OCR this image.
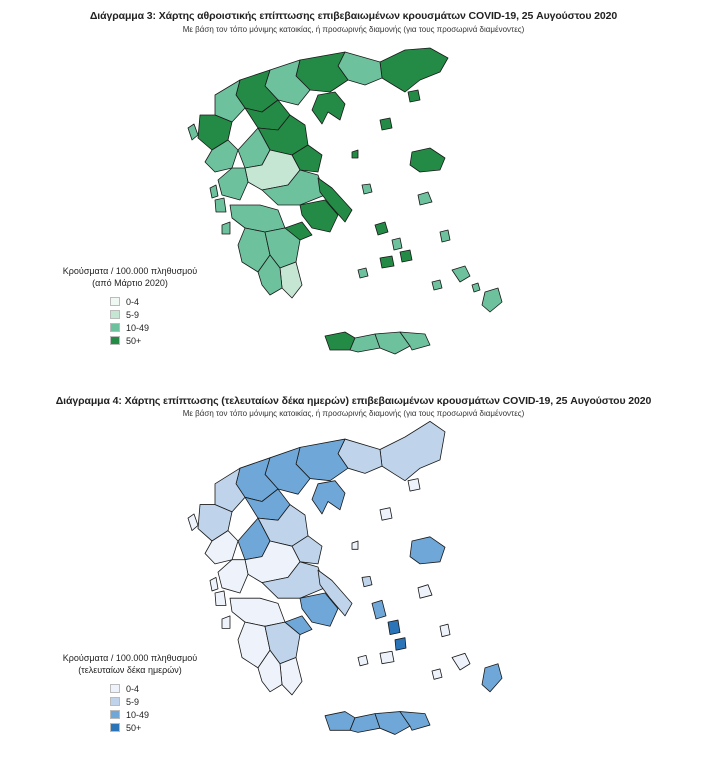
Διάγραμμα 3: Χάρτης αθροιστικής επίπτωσης επιβεβαιωμένων κρουσμάτων COVID-19, 25 Αυγούστου 2020
Με βάση τον τόπο μόνιμης κατοικίας, ή προσωρινής διαμονής (για τους προσωρινά διαμένοντες)
Κρούσματα / 100.000 πληθυσμού
(από Μάρτιο 2020)
0-4
5-9
10-49
50+
Διάγραμμα 4: Χάρτης επίπτωσης (τελευταίων δέκα ημερών) επιβεβαιωμένων κρουσμάτων COVID-19, 25 Αυγούστου 2020
Με βάση τον τόπο μόνιμης κατοικίας, ή προσωρινής διαμονής (για τους προσωρινά διαμένοντες)
Κρούσματα / 100.000 πληθυσμού
(τελευταίων δέκα ημερών)
0-4
5-9
10-49
50+
